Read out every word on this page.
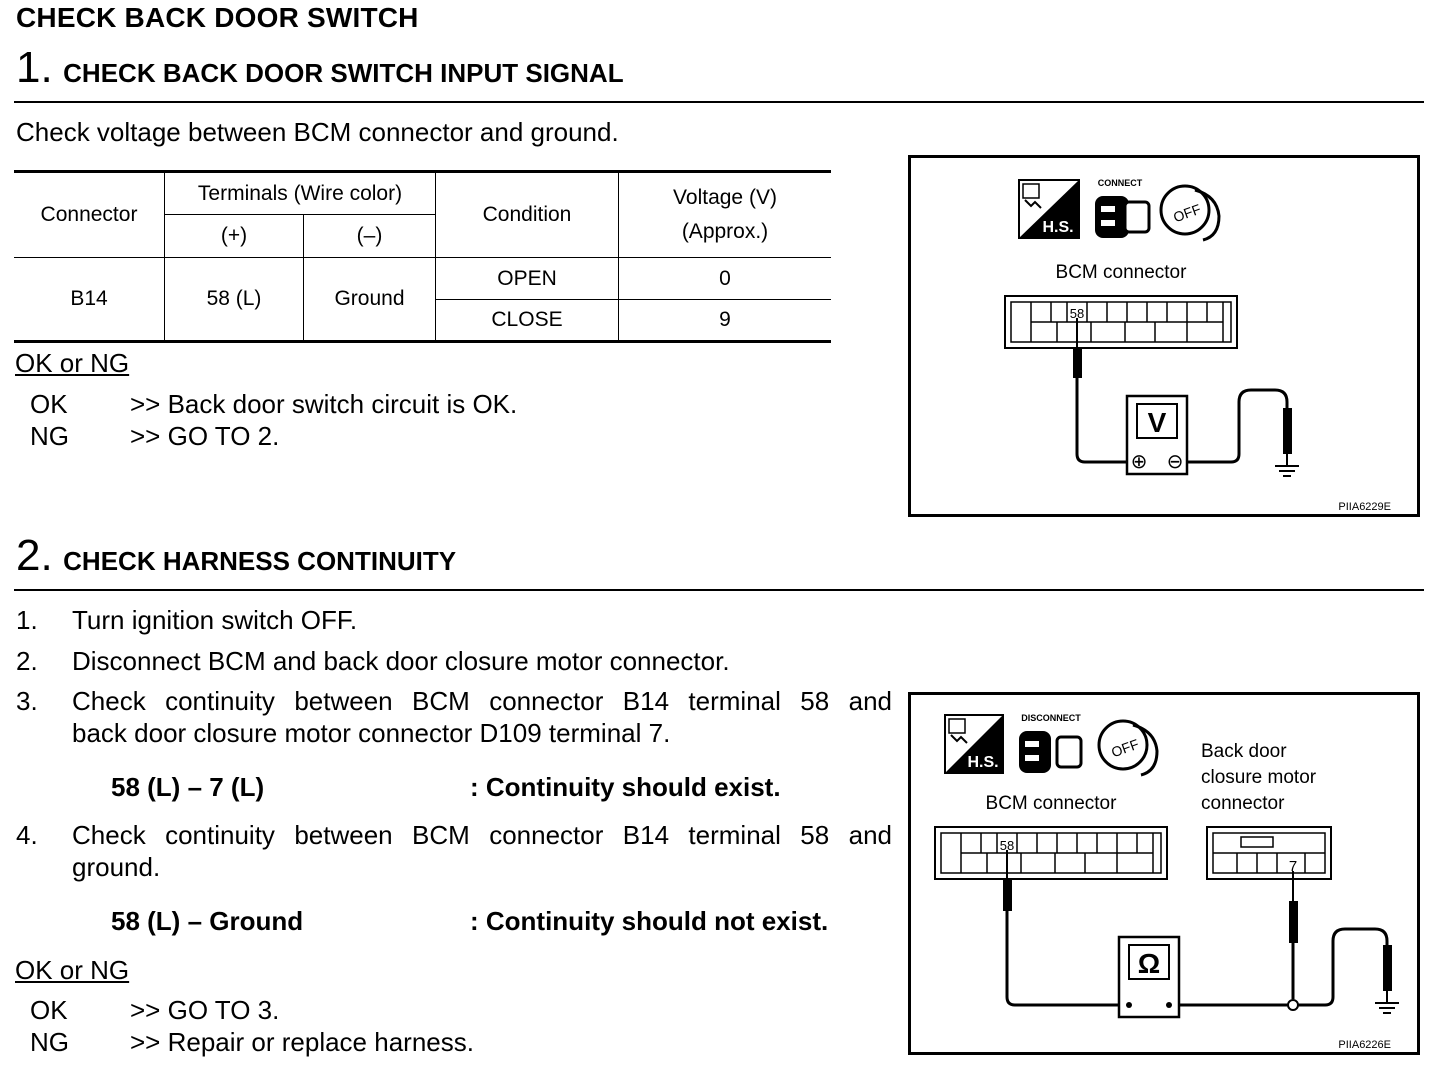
CHECK BACK DOOR SWITCH
1. CHECK BACK DOOR SWITCH INPUT SIGNAL
Check voltage between BCM connector and ground.
Connector	Terminals (Wire color)		Condition	Voltage (V)
(Approx.)

	(+)	(–)		
B14	58 (L)	Ground	OPEN	0
			CLOSE	9
OK or NG
OK >> Back door switch circuit is OK.
NG >> GO TO 2.
H.S.
CONNECT
OFF
BCM connector
58
V
⊕ ⊖
PIIA6229E
2. CHECK HARNESS CONTINUITY
1. Turn ignition switch OFF.
2. Disconnect BCM and back door closure motor connector.
3. Check continuity between BCM connector B14 terminal 58 and
back door closure motor connector D109 terminal 7.
58 (L) – 7 (L)	: Continuity should exist.
4. Check continuity between BCM connector B14 terminal 58 and
ground.
58 (L) – Ground	: Continuity should not exist.
OK or NG
OK >> GO TO 3.
NG >> Repair or replace harness.
H.S.
DISCONNECT
OFF	Back door
closure motor
connector
BCM connector
58
7
Ω
PIIA6226E
